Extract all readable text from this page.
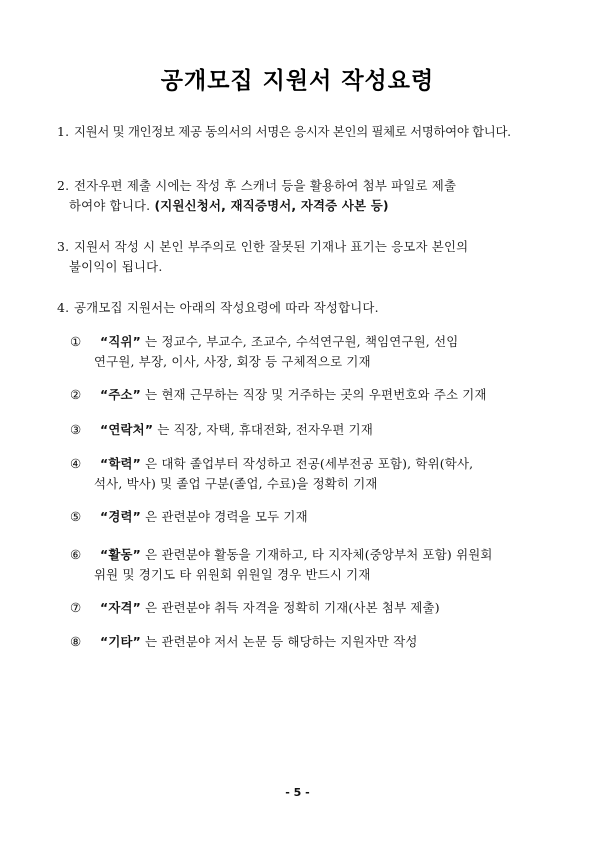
공개모집 지원서 작성요령
1. 지원서 및 개인정보 제공 동의서의 서명은 응시자 본인의 필체로 서명하여야 합니다.
2. 전자우편 제출 시에는 작성 후 스캐너 등을 활용하여 첨부 파일로 제출
하여야 합니다. (지원신청서, 재직증명서, 자격증 사본 등)
3. 지원서 작성 시 본인 부주의로 인한 잘못된 기재나 표기는 응모자 본인의
불이익이 됩니다.
4. 공개모집 지원서는 아래의 작성요령에 따라 작성합니다.
① “직위” 는 정교수, 부교수, 조교수, 수석연구원, 책임연구원, 선임
연구원, 부장, 이사, 사장, 회장 등 구체적으로 기재
② “주소” 는 현재 근무하는 직장 및 거주하는 곳의 우편번호와 주소 기재
③ “연락처” 는 직장, 자택, 휴대전화, 전자우편 기재
④ “학력” 은 대학 졸업부터 작성하고 전공(세부전공 포함), 학위(학사,
석사, 박사) 및 졸업 구분(졸업, 수료)을 정확히 기재
⑤ “경력” 은 관련분야 경력을 모두 기재
⑥ “활동” 은 관련분야 활동을 기재하고, 타 지자체(중앙부처 포함) 위원회
위원 및 경기도 타 위원회 위원일 경우 반드시 기재
⑦ “자격” 은 관련분야 취득 자격을 정확히 기재(사본 첨부 제출)
⑧ “기타” 는 관련분야 저서 논문 등 해당하는 지원자만 작성
- 5 -
